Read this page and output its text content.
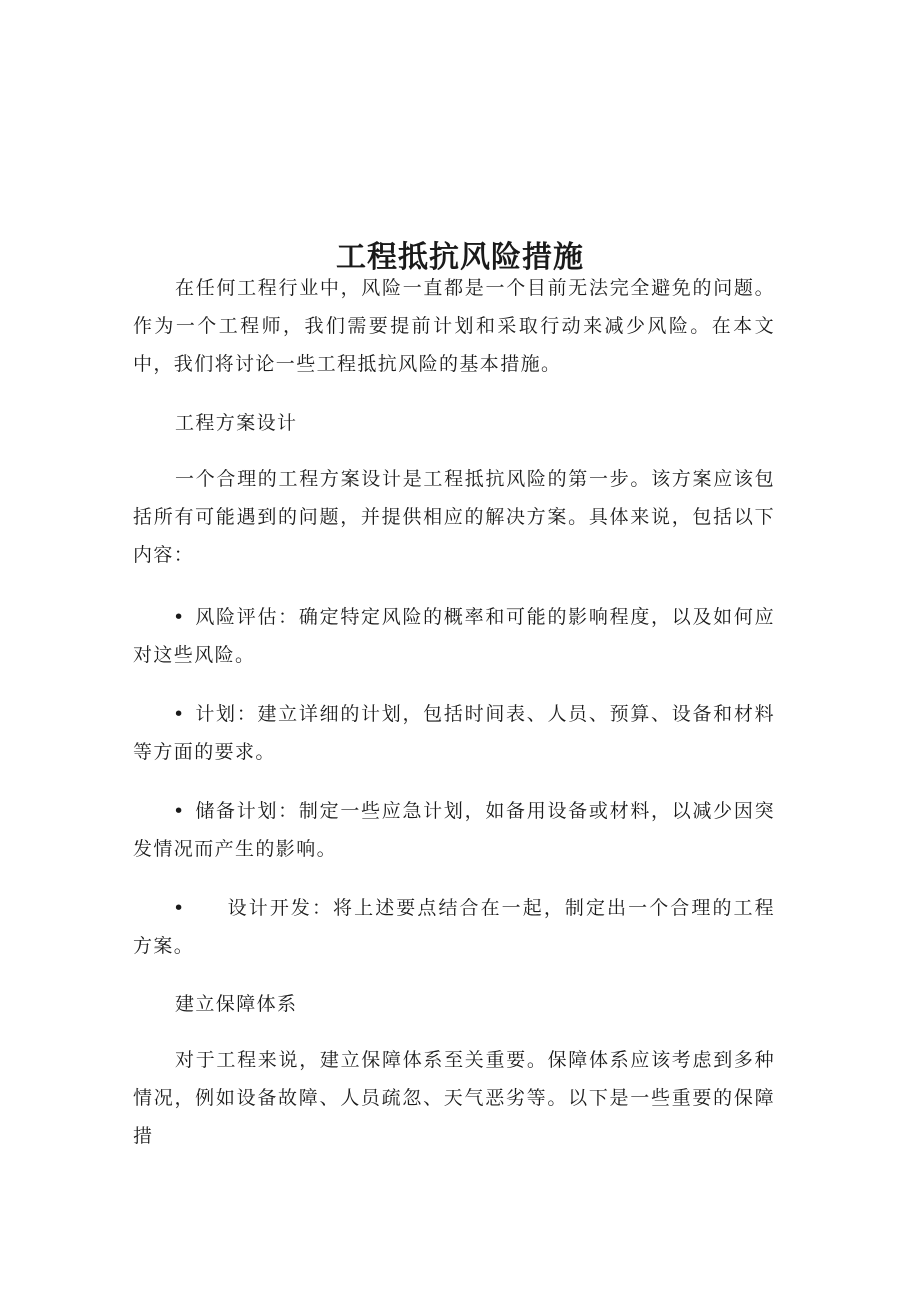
工程抵抗风险措施

在任何工程行业中，风险一直都是一个目前无法完全避免的问题。作为一个工程师，我们需要提前计划和采取行动来减少风险。在本文中，我们将讨论一些工程抵抗风险的基本措施。

工程方案设计

一个合理的工程方案设计是工程抵抗风险的第一步。该方案应该包括所有可能遇到的问题，并提供相应的解决方案。具体来说，包括以下内容：

• 风险评估：确定特定风险的概率和可能的影响程度，以及如何应对这些风险。

• 计划：建立详细的计划，包括时间表、人员、预算、设备和材料等方面的要求。

• 储备计划：制定一些应急计划，如备用设备或材料，以减少因突发情况而产生的影响。

• 设计开发：将上述要点结合在一起，制定出一个合理的工程方案。

建立保障体系

对于工程来说，建立保障体系至关重要。保障体系应该考虑到多种情况，例如设备故障、人员疏忽、天气恶劣等。以下是一些重要的保障措
